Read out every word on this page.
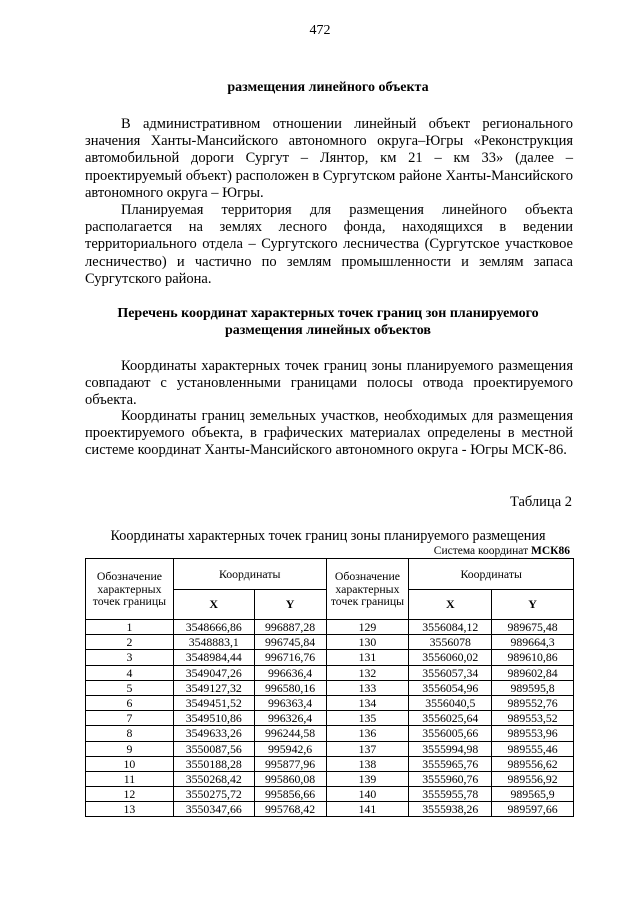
472
размещения линейного объекта

В административном отношении линейный объект регионального значения Ханты-Мансийского автономного округа–Югры «Реконструкция автомобильной дороги Сургут – Лянтор, км 21 – км 33» (далее – проектируемый объект) расположен в Сургутском районе Ханты-Мансийского автономного округа – Югры.

Планируемая территория для размещения линейного объекта располагается на землях лесного фонда, находящихся в ведении территориального отдела – Сургутского лесничества (Сургутское участковое лесничество) и частично по землям промышленности и землям запаса Сургутского района.

Перечень координат характерных точек границ зон планируемого размещения линейных объектов

Координаты характерных точек границ зоны планируемого размещения совпадают с установленными границами полосы отвода проектируемого объекта.

Координаты границ земельных участков, необходимых для размещения проектируемого объекта, в графических материалах определены в местной системе координат Ханты-Мансийского автономного округа - Югры МСК-86.

Таблица 2
Координаты характерных точек границ зоны планируемого размещения
Система координат МСК86
Обозначение характерных точек границы	Координаты		Обозначение характерных точек границы	Координаты	
	X	Y		X	Y
1	3548666,86	996887,28	129	3556084,12	989675,48
2	3548883,1	996745,84	130	3556078	989664,3
3	3548984,44	996716,76	131	3556060,02	989610,86
4	3549047,26	996636,4	132	3556057,34	989602,84
5	3549127,32	996580,16	133	3556054,96	989595,8
6	3549451,52	996363,4	134	3556040,5	989552,76
7	3549510,86	996326,4	135	3556025,64	989553,52
8	3549633,26	996244,58	136	3556005,66	989553,96
9	3550087,56	995942,6	137	3555994,98	989555,46
10	3550188,28	995877,96	138	3555965,76	989556,62
11	3550268,42	995860,08	139	3555960,76	989556,92
12	3550275,72	995856,66	140	3555955,78	989565,9
13	3550347,66	995768,42	141	3555938,26	989597,66
